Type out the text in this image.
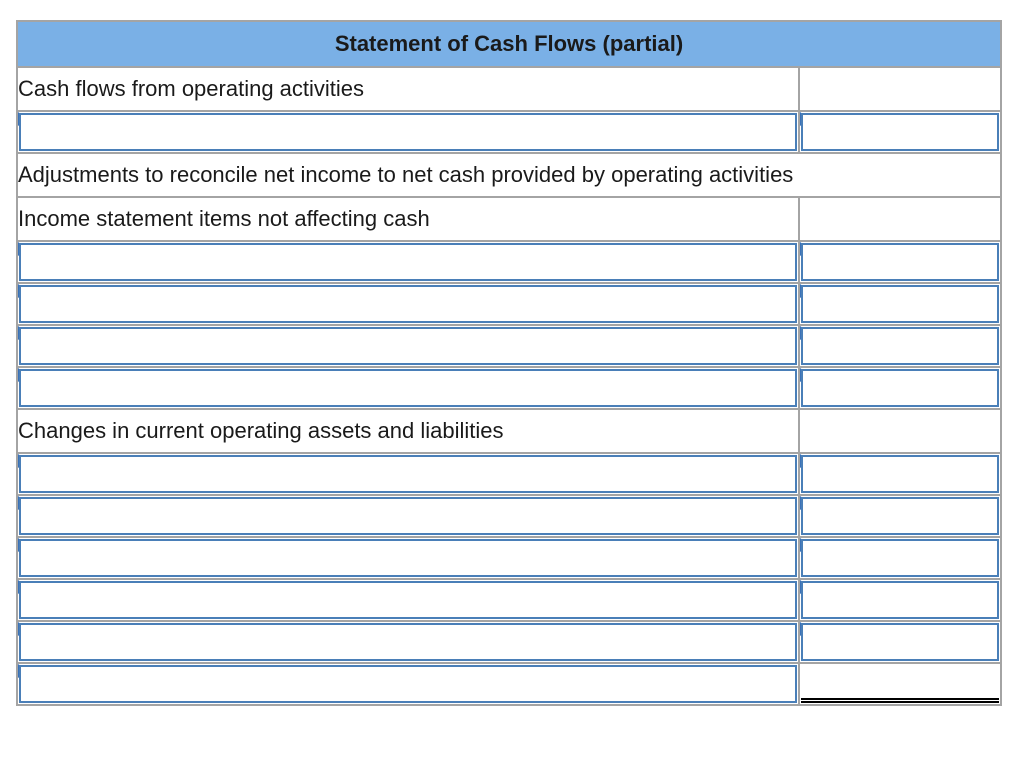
Statement of Cash Flows (partial)	
Cash flows from operating activities	

Adjustments to reconcile net income to net cash provided by operating activities	
Income statement items not affecting cash	

Changes in current operating assets and liabilities	
